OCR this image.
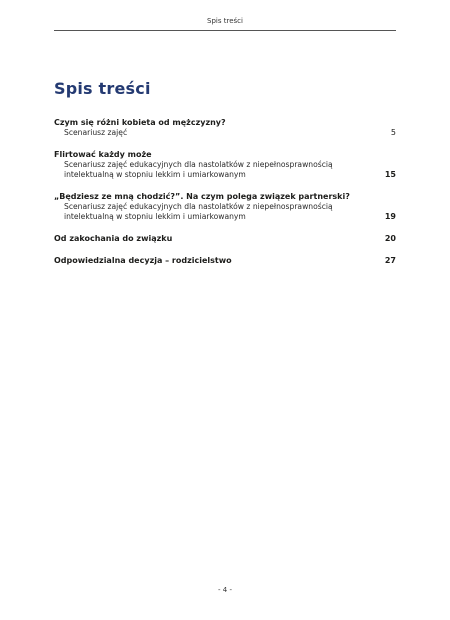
Spis treści
Spis treści
Czym się różni kobieta od mężczyzny?
Scenariusz zajęć	5
Flirtować każdy może
Scenariusz zajęć edukacyjnych dla nastolatków z niepełnosprawnością
intelektualną w stopniu lekkim i umiarkowanym	15
„Będziesz ze mną chodzić?”. Na czym polega związek partnerski?
Scenariusz zajęć edukacyjnych dla nastolatków z niepełnosprawnością
intelektualną w stopniu lekkim i umiarkowanym	19
Od zakochania do związku	20
Odpowiedzialna decyzja – rodzicielstwo	27
- 4 -
